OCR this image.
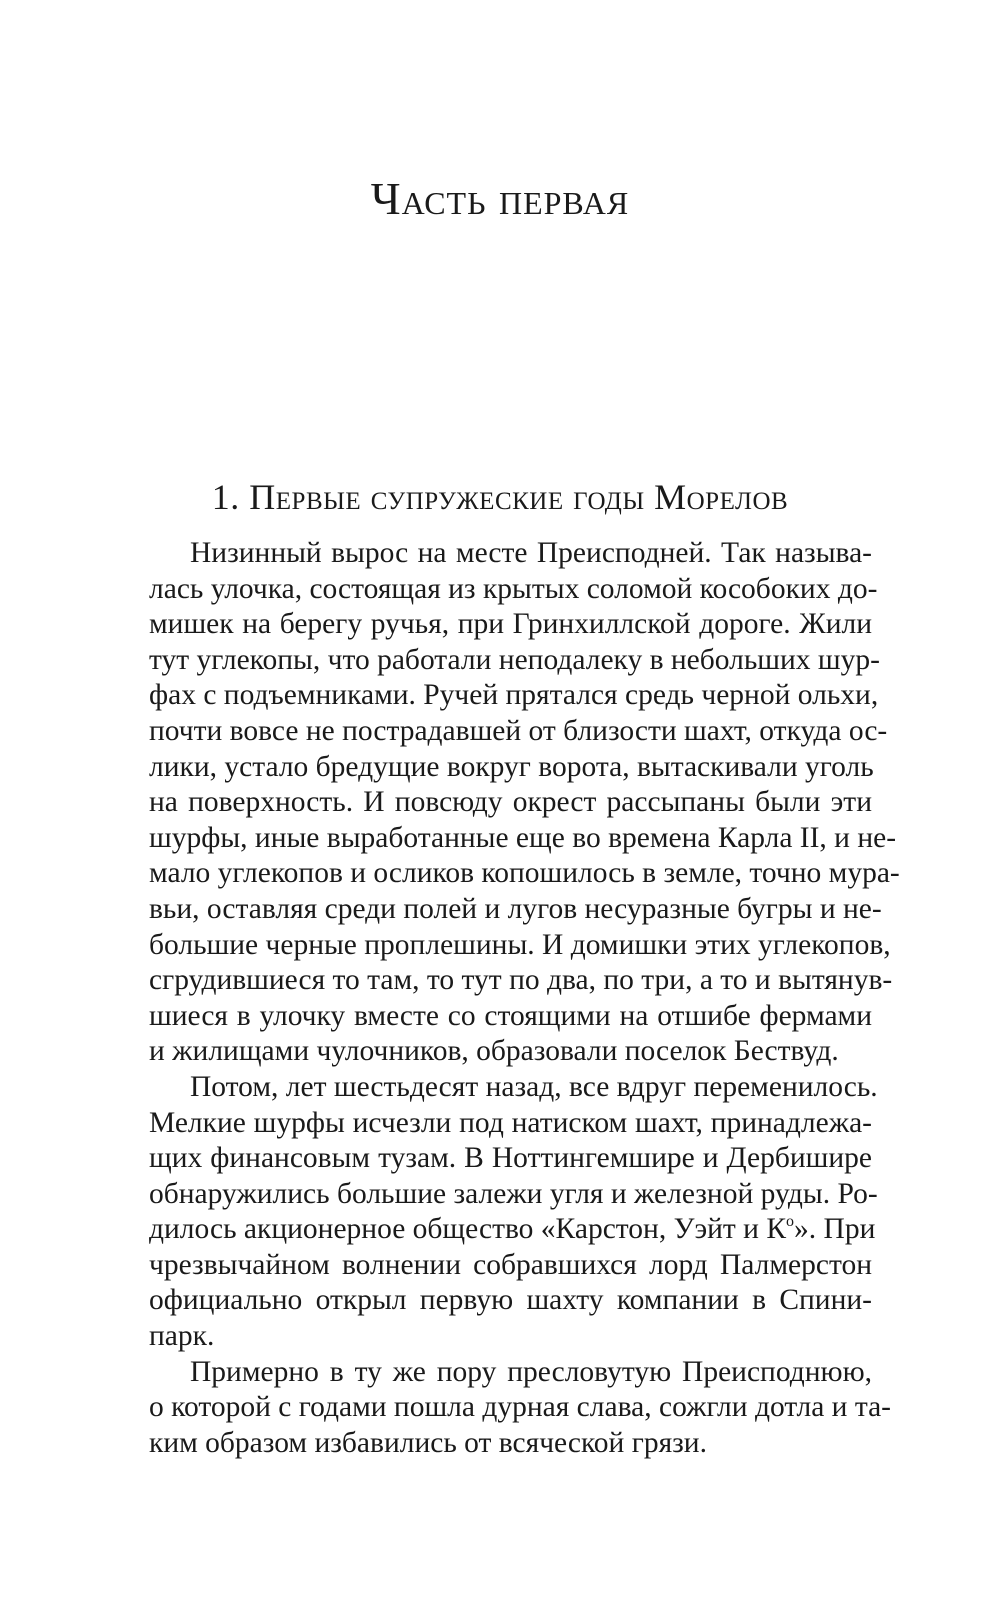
Часть первая
1. Первые супружеские годы Морелов

Низинный вырос на месте Преисподней. Так называ-
лась улочка, состоящая из крытых соломой кособоких до-
мишек на берегу ручья, при Гринхиллской дороге. Жили
тут углекопы, что работали неподалеку в небольших шур-
фах с подъемниками. Ручей прятался средь черной ольхи,
почти вовсе не пострадавшей от близости шахт, откуда ос-
лики, устало бредущие вокруг ворота, вытаскивали уголь
на поверхность. И повсюду окрест рассыпаны были эти
шурфы, иные выработанные еще во времена Карла II, и не-
мало углекопов и осликов копошилось в земле, точно мура-
вьи, оставляя среди полей и лугов несуразные бугры и не-
большие черные проплешины. И домишки этих углекопов,
сгрудившиеся то там, то тут по два, по три, а то и вытянув-
шиеся в улочку вместе со стоящими на отшибе фермами
и жилищами чулочников, образовали поселок Бествуд.

Потом, лет шестьдесят назад, все вдруг переменилось.
Мелкие шурфы исчезли под натиском шахт, принадлежа-
щих финансовым тузам. В Ноттингемшире и Дербишире
обнаружились большие залежи угля и железной руды. Ро-
дилось акционерное общество «Карстон, Уэйт и $К^о$». При
чрезвычайном волнении собравшихся лорд Палмерстон
официально открыл первую шахту компании в Спини-
парк.

Примерно в ту же пору пресловутую Преисподнюю,
о которой с годами пошла дурная слава, сожгли дотла и та-
ким образом избавились от всяческой грязи.
